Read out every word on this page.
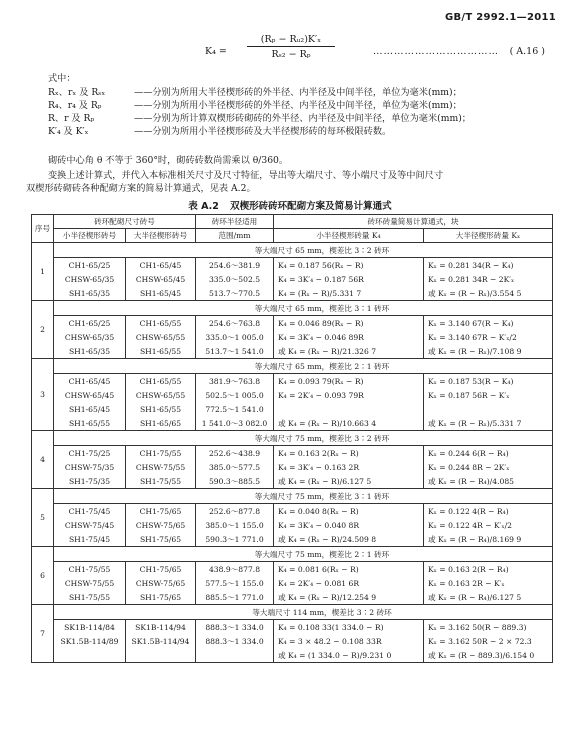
GB/T 2992.1—2011
$K_4 = \frac{\text{(Rₚ − Rᵤ₂)K′ₓ}}{\text{Rₛ₂ − Rₚ}}$	……………………………… ( A.16 )
式中：
Rₓ、rₓ 及 Rₛₓ	——分别为所用大半径楔形砖的外半径、内半径及中间半径，单位为毫米(mm)；
R₄、r₄ 及 Rₚ	——分别为所用小半径楔形砖的外半径、内半径及中间半径，单位为毫米(mm)；
R、r 及 Rₚ	——分别为所计算双楔形砖砌砖的外半径、内半径及中间半径，单位为毫米(mm)；
K′₄ 及 K′ₓ	——分别为所用小半径楔形砖及大半径楔形砖的每环极限砖数。
砌砖中心角 θ 不等于 360°时，砌砖砖数尚需乘以 θ/360。
变换上述计算式，并代入本标准相关尺寸及尺寸特征，导出等大端尺寸、等小端尺寸及等中间尺寸
双楔形砖砌砖各种配砌方案的简易计算通式，见表 A.2。
表 A.2 双楔形砖砖环配砌方案及简易计算通式
序号	砖环配砌尺寸砖号		砖环半径适用	砖环砖量简易计算通式，块	
	小半径楔形砖号	大半径楔形砖号	范围/mm	小半径楔形砖量 K₄	大半径楔形砖量 Kₓ
1	等大端尺寸 65 mm，楔差比 3∶2 砖环				
	CH1-65/25	CH1-65/45	254.6～381.9	K₄ = 0.187 56(Rₓ − R)	Kₓ = 0.281 34(R − K₄)
	CHSW-65/35	CHSW-65/45	335.0～502.5	K₄ = 3K′₄ − 0.187 56R	Kₓ = 0.281 34R − 2K′ₓ
	SH1-65/35	SH1-65/45	513.7～770.5	K₄ = (Rₓ − R)/5.331 7	或 Kₓ = (R − Rₓ)/3.554 5
2	等大端尺寸 65 mm，楔差比 3∶1 砖环				
	CH1-65/25	CH1-65/55	254.6～763.8	K₄ = 0.046 89(Rₓ − R)	Kₓ = 3.140 67(R − K₄)
	CHSW-65/35	CHSW-65/55	335.0～1 005.0	K₄ = 3K′₄ − 0.046 89R	Kₓ = 3.140 67R − K′ₓ/2
	SH1-65/35	SH1-65/55	513.7～1 541.0	或 K₄ = (Rₓ − R)/21.326 7	或 Kₓ = (R − Rₓ)/7.108 9
3	等大端尺寸 65 mm，楔差比 2∶1 砖环				
	CH1-65/45	CH1-65/55	381.9～763.8	K₄ = 0.093 79(Rₓ − R)	Kₓ = 0.187 53(R − K₄)
	CHSW-65/45	CHSW-65/55	502.5～1 005.0	K₄ = 2K′₄ − 0.093 79R	Kₓ = 0.187 56R − K′ₓ
	SH1-65/45	SH1-65/55	772.5～1 541.0		
	SH1-65/55	SH1-65/65	1 541.0～3 082.0	或 K₄ = (Rₓ − R)/10.663 4	或 Kₓ = (R − Rₓ)/5.331 7
4	等大端尺寸 75 mm，楔差比 3∶2 砖环				
	CH1-75/25	CH1-75/55	252.6～438.9	K₄ = 0.163 2(Rₓ − R)	Kₓ = 0.244 6(R − R₄)
	CHSW-75/35	CHSW-75/55	385.0～577.5	K₄ = 3K′₄ − 0.163 2R	Kₓ = 0.244 8R − 2K′ₓ
	SH1-75/35	SH1-75/55	590.3～885.5	或 K₄ = (Rₓ − R)/6.127 5	或 Kₓ = (R − R₄)/4.085
5	等大端尺寸 75 mm，楔差比 3∶1 砖环				
	CH1-75/45	CH1-75/65	252.6～877.8	K₄ = 0.040 8(Rₓ − R)	Kₓ = 0.122 4(R − R₄)
	CHSW-75/45	CHSW-75/65	385.0～1 155.0	K₄ = 3K′₄ − 0.040 8R	Kₓ = 0.122 4R − K′ₓ/2
	SH1-75/45	SH1-75/65	590.3～1 771.0	或 K₄ = (Rₓ − R)/24.509 8	或 Kₓ = (R − R₄)/8.169 9
6	等大端尺寸 75 mm，楔差比 2∶1 砖环				
	CH1-75/55	CH1-75/65	438.9～877.8	K₄ = 0.081 6(Rₓ − R)	Kₓ = 0.163 2(R − R₄)
	CHSW-75/55	CHSW-75/65	577.5～1 155.0	K₄ = 2K′₄ − 0.081 6R	Kₓ = 0.163 2R − K′ₓ
	SH1-75/55	SH1-75/65	885.5～1 771.0	或 K₄ = (Rₓ − R)/12.254 9	或 Kₓ = (R − R₄)/6.127 5
7	等大端尺寸 114 mm，楔差比 3∶2 砖环				
	SK1B-114/84	SK1B-114/94	888.3～1 334.0	K₄ = 0.108 33(1 334.0 − R)	Kₓ = 3.162 50(R − 889.3)
	SK1.5B-114/89	SK1.5B-114/94	888.3～1 334.0	K₄ = 3 × 48.2 − 0.108 33R	Kₓ = 3.162 50R − 2 × 72.3
				或 K₄ = (1 334.0 − R)/9.231 0	或 Kₓ = (R − 889.3)/6.154 0
